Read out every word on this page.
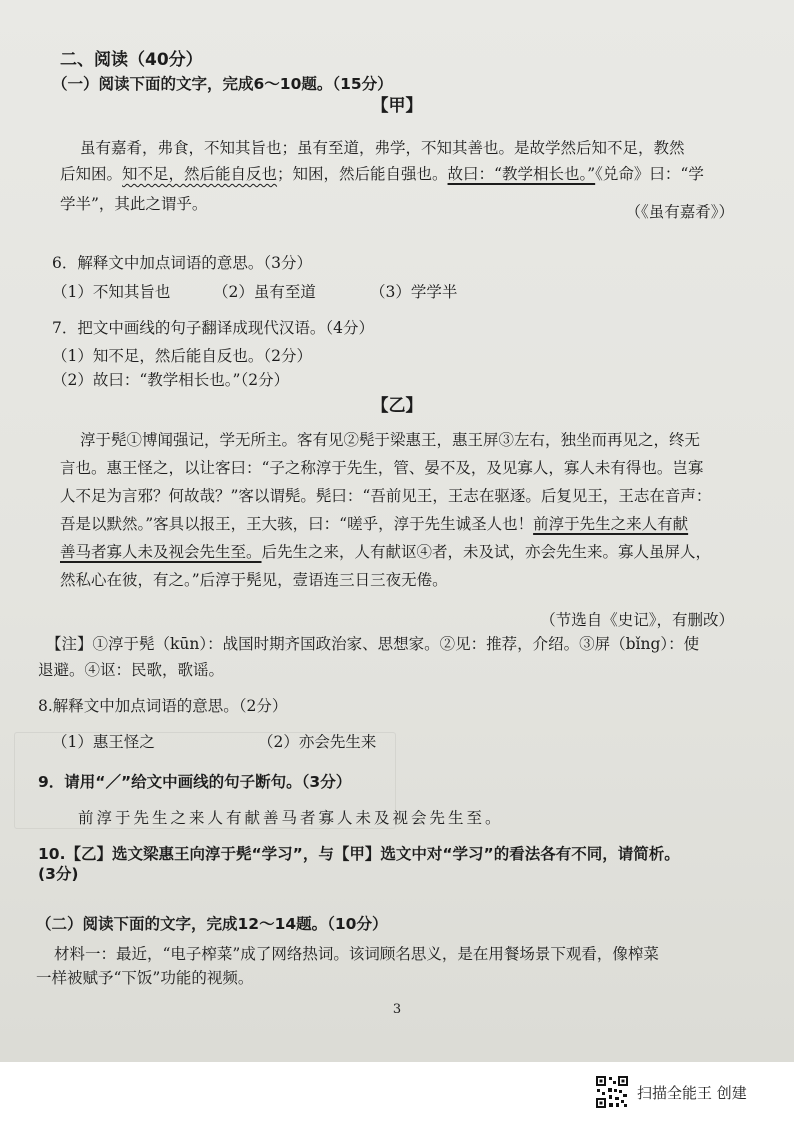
二、阅读（40分）
（一）阅读下面的文字，完成6～10题。（15分）
【甲】
虽有嘉肴，弗食，不知其旨也；虽有至道，弗学，不知其善也。是故学然后知不足，教然
后知困。知不足，然后能自反也；知困，然后能自强也。故曰：“教学相长也。”《兑命》曰：“学
学半”，其此之谓乎。	（《虽有嘉肴》）
6．解释文中加点词语的意思。（3分）
（1）不知其旨也	（2）虽有至道	（3）学学半
7．把文中画线的句子翻译成现代汉语。（4分）
（1）知不足，然后能自反也。（2分）
（2）故曰：“教学相长也。”（2分）
【乙】
淳于髡①博闻强记，学无所主。客有见②髡于梁惠王，惠王屏③左右，独坐而再见之，终无
言也。惠王怪之，以让客曰：“子之称淳于先生，管、晏不及，及见寡人，寡人未有得也。岂寡
人不足为言邪？何故哉？”客以谓髡。髡曰：“吾前见王，王志在驱逐。后复见王，王志在音声：
吾是以默然。”客具以报王，王大骇，曰：“嗟乎，淳于先生诚圣人也！前淳于先生之来人有献
善马者寡人未及视会先生至。后先生之来，人有献讴④者，未及试，亦会先生来。寡人虽屏人，
然私心在彼，有之。”后淳于髡见，壹语连三日三夜无倦。
（节选自《史记》，有删改）
【注】①淳于髡（kūn）：战国时期齐国政治家、思想家。②见：推荐，介绍。③屏（bǐng）：使
退避。④讴：民歌，歌谣。
8.解释文中加点词语的意思。（2分）
（1）惠王怪之	（2）亦会先生来
9．请用“／”给文中画线的句子断句。（3分）
前淳于先生之来人有献善马者寡人未及视会先生至。
10.【乙】选文梁惠王向淳于髡“学习”，与【甲】选文中对“学习”的看法各有不同，请简析。
(3分)
（二）阅读下面的文字，完成12～14题。（10分）
材料一：最近，“电子榨菜”成了网络热词。该词顾名思义，是在用餐场景下观看，像榨菜
一样被赋予“下饭”功能的视频。
3
扫描全能王 创建
